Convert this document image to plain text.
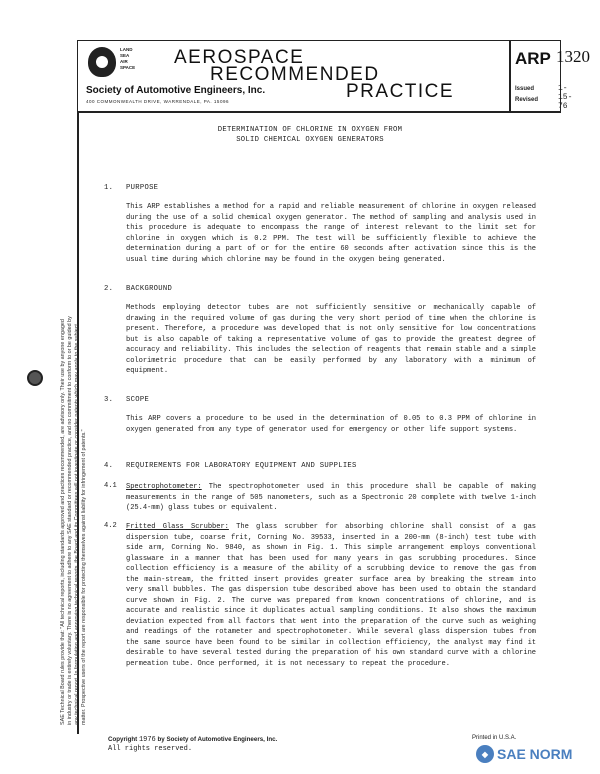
LAND
SEA
AIR
SPACE AEROSPACE
RECOMMENDED
PRACTICE
Society of Automotive Engineers, Inc.
400 COMMONWEALTH DRIVE, WARRENDALE, PA. 15096
ARP 1320
Issued	1-15-76
Revised

SAE Technical Board rules provide that: "All technical reports, including standards approved and practices recommended, are advisory only. Their use by anyone engaged in industry or trade is entirely voluntary. There is no agreement to adhere to any SAE standard or recommended practice, and no commitment to conform to or be guided by any technical report. In formulating and approving technical reports, the Board and its Committees will not investigate or consider patents which may apply to the subject matter. Prospective users of the report are responsible for protecting themselves against liability for infringement of patents."

DETERMINATION OF CHLORINE IN OXYGEN FROM
SOLID CHEMICAL OXYGEN GENERATORS
1. PURPOSE
This ARP establishes a method for a rapid and reliable measurement of chlorine in oxygen released during the use of a solid chemical oxygen generator. The method of sampling and analysis used in this procedure is adequate to encompass the range of interest relevant to the limit set for chlorine in oxygen which is 0.2 PPM. The test will be sufficiently flexible to achieve the determination during a part of or for the entire 60 seconds after activation since this is the usual time during which chlorine may be found in the oxygen being generated.
2. BACKGROUND
Methods employing detector tubes are not sufficiently sensitive or mechanically capable of drawing in the required volume of gas during the very short period of time when the chlorine is present. Therefore, a procedure was developed that is not only sensitive for low concentrations but is also capable of taking a representative volume of gas to provide the greatest degree of accuracy and reliability. This includes the selection of reagents that remain stable and a simple colorimetric procedure that can be easily performed by any laboratory with a minimum of equipment.
3. SCOPE
This ARP covers a procedure to be used in the determination of 0.05 to 0.3 PPM of chlorine in oxygen generated from any type of generator used for emergency or other life support systems.
4. REQUIREMENTS FOR LABORATORY EQUIPMENT AND SUPPLIES
4.1 Spectrophotometer: The spectrophotometer used in this procedure shall be capable of making measurements in the range of 505 nanometers, such as a Spectronic 20 complete with twelve 1-inch (25.4-mm) glass tubes or equivalent.
4.2 Fritted Glass Scrubber: The glass scrubber for absorbing chlorine shall consist of a gas dispersion tube, coarse frit, Corning No. 39533, inserted in a 200-mm (8-inch) test tube with side arm, Corning No. 9840, as shown in Fig. 1. This simple arrangement employs conventional glassware in a manner that has been used for many years in gas scrubbing procedures. Since collection efficiency is a measure of the ability of a scrubbing device to remove the gas from the main-stream, the fritted insert provides greater surface area by breaking the stream into very small bubbles. The gas dispersion tube described above has been used to obtain the standard curve shown in Fig. 2. The curve was prepared from known concentrations of chlorine, and is accurate and realistic since it duplicates actual sampling conditions. It also shows the maximum deviation expected from all factors that went into the preparation of the curve such as weighing and readings of the rotameter and spectrophotometer. While several glass dispersion tubes from the same source have been found to be similar in collection efficiency, the analyst may find it desirable to have several tested during the preparation of his own standard curve with a chlorine permeation tube. Once performed, it is not necessary to repeat the procedure.
Copyright 1976 by Society of Automotive Engineers, Inc.
All rights reserved.
Printed in U.S.A.
◆ SAE NORM
